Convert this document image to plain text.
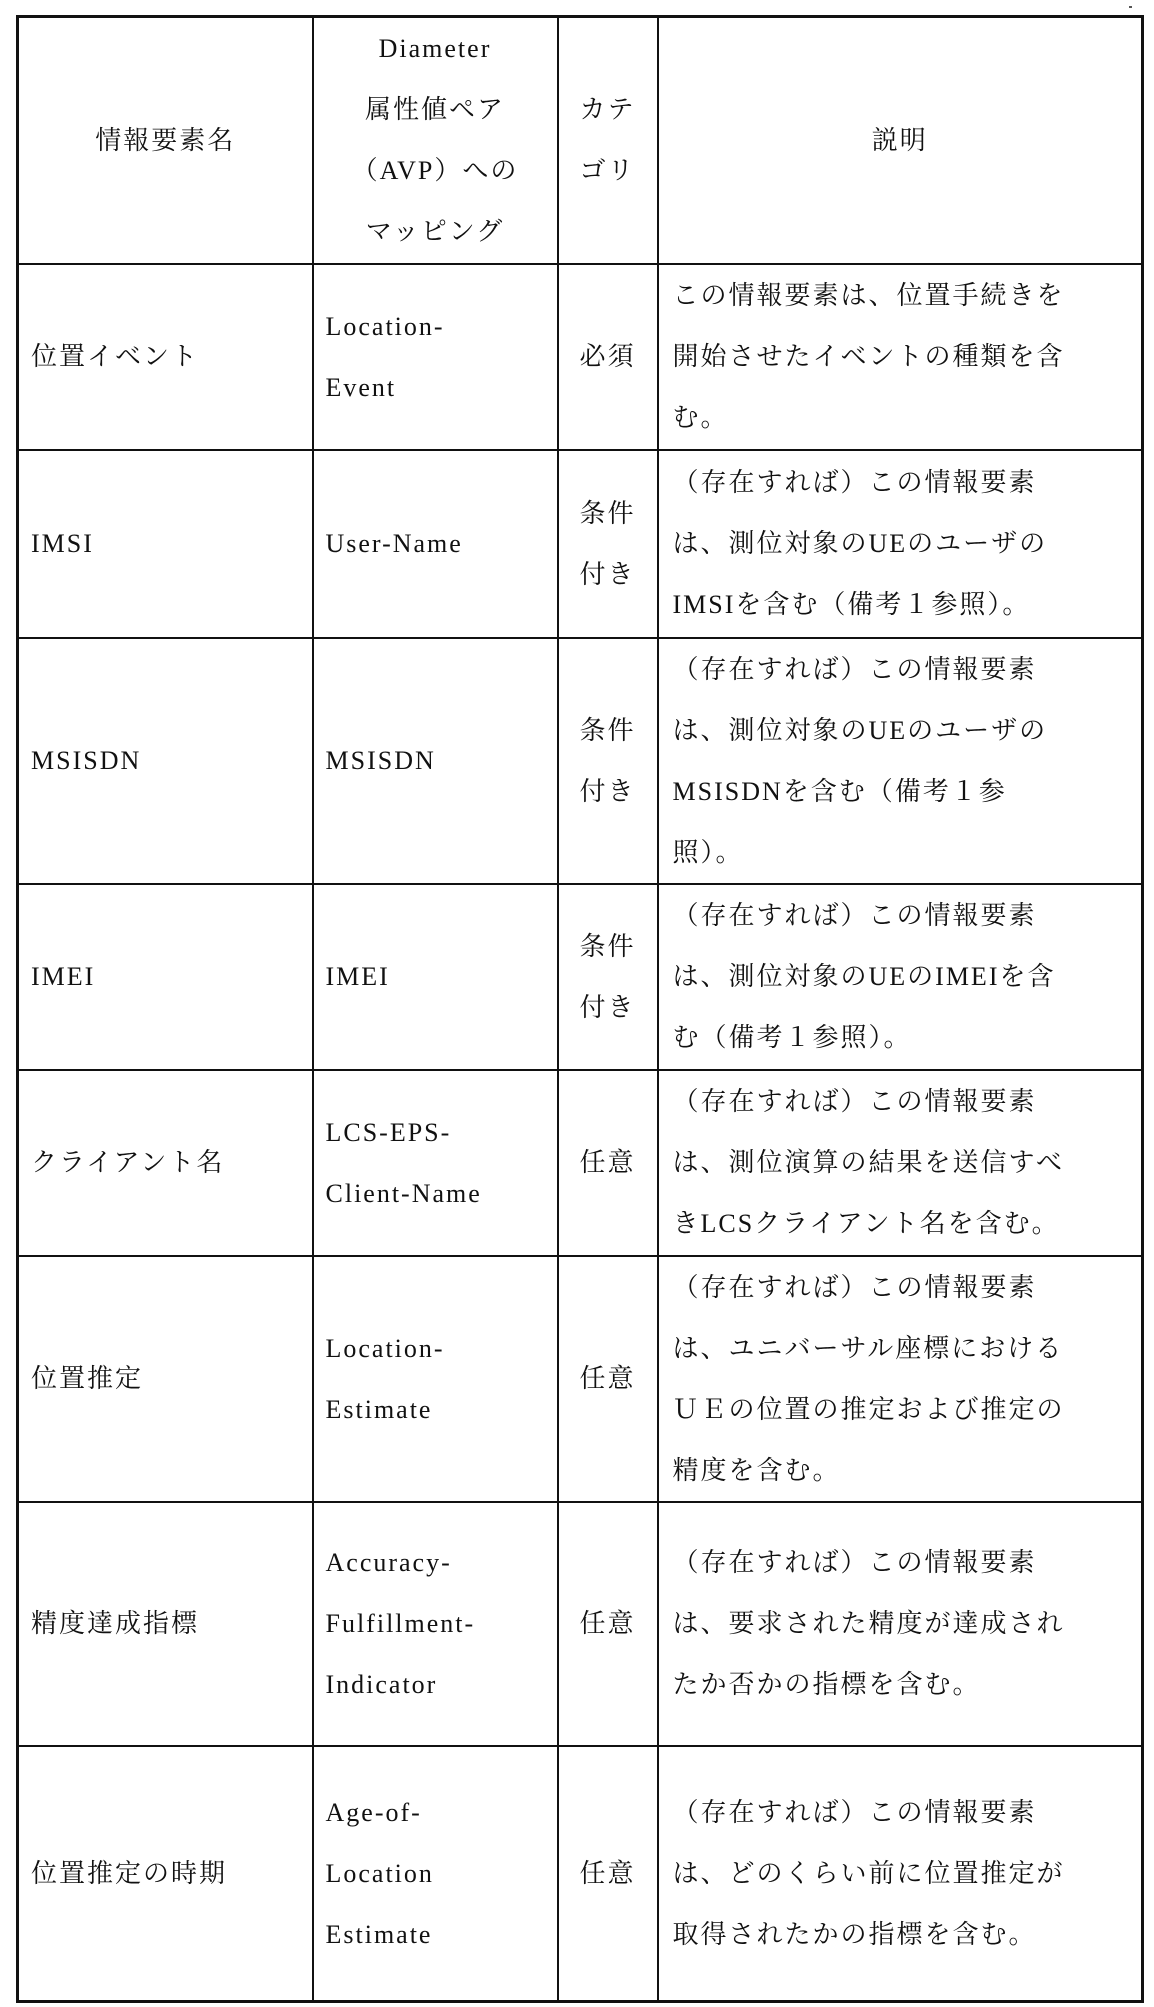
情報要素名

Diameter
属性値ペア
（AVP）への
マッピング

カテ
ゴリ

説明

位置イベント

Location-
Event

必須

この情報要素は、位置手続きを
開始させたイベントの種類を含
む。

IMSI	User-Name

条件
付き

（存在すれば）この情報要素
は、測位対象のUEのユーザの
IMSIを含む（備考１参照）。

MSISDN	MSISDN

条件
付き

（存在すれば）この情報要素
は、測位対象のUEのユーザの
MSISDNを含む（備考１参
照）。

IMEI	IMEI

条件
付き

（存在すれば）この情報要素
は、測位対象のUEのIMEIを含
む（備考１参照）。

クライアント名

LCS-EPS-
Client-Name

任意

（存在すれば）この情報要素
は、測位演算の結果を送信すべ
きLCSクライアント名を含む。

位置推定

Location-
Estimate

任意

（存在すれば）この情報要素
は、ユニバーサル座標における
ＵＥの位置の推定および推定の
精度を含む。

精度達成指標

Accuracy-
Fulfillment-
Indicator

任意

（存在すれば）この情報要素
は、要求された精度が達成され
たか否かの指標を含む。

位置推定の時期

Age-of-
Location
Estimate

任意

（存在すれば）この情報要素
は、どのくらい前に位置推定が
取得されたかの指標を含む。
